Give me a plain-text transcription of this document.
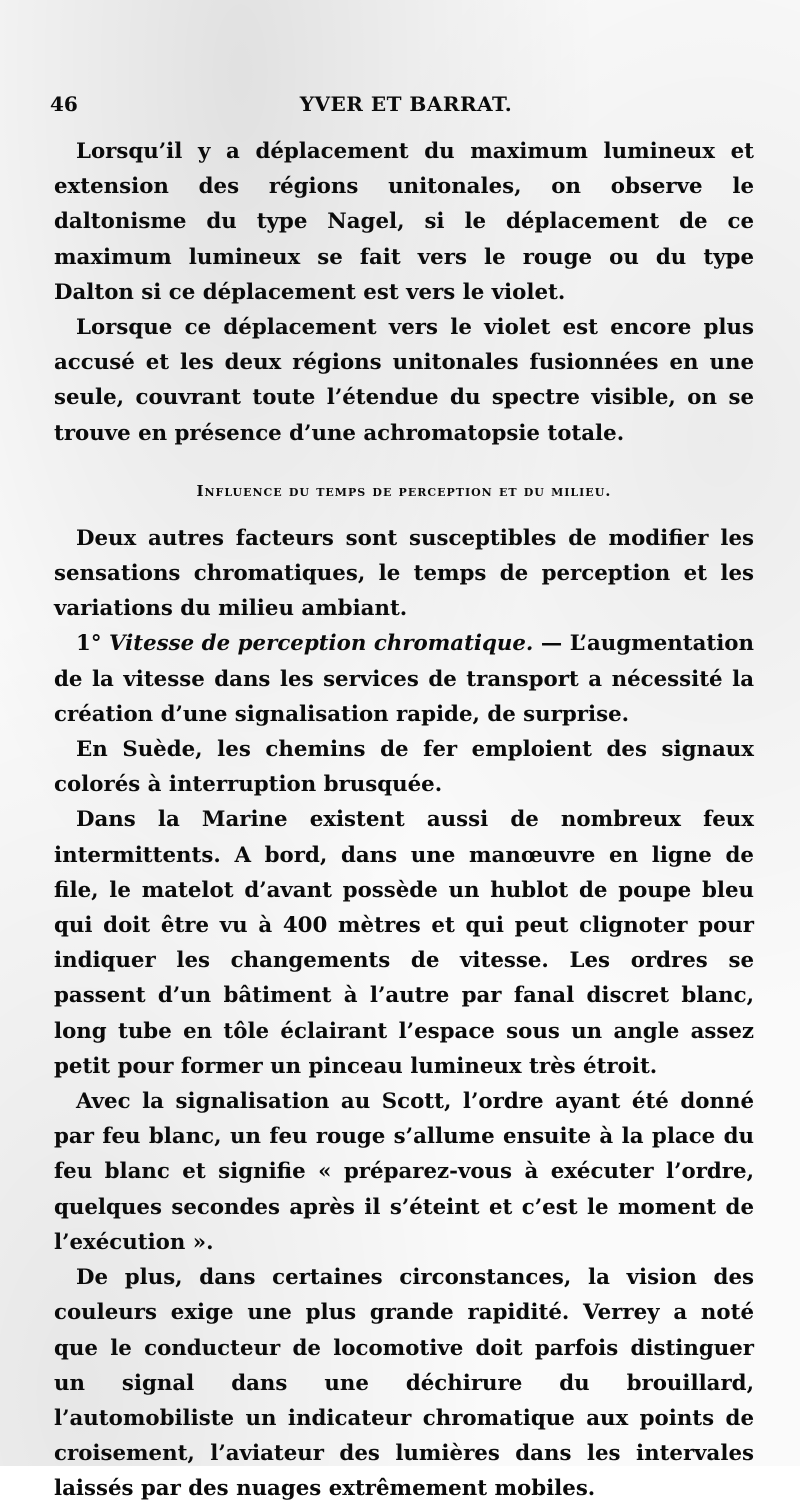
46	YVER ET BARRAT.

Lorsqu’il y a déplacement du maximum lumineux et extension des régions unitonales, on observe le daltonisme du type Nagel, si le déplacement de ce maximum lumineux se fait vers le rouge ou du type Dalton si ce déplacement est vers le violet.

Lorsque ce déplacement vers le violet est encore plus accusé et les deux régions unitonales fusionnées en une seule, couvrant toute l’étendue du spectre visible, on se trouve en présence d’une achromatopsie totale.

Influence du temps de perception et du milieu.

Deux autres facteurs sont susceptibles de modifier les sensations chromatiques, le temps de perception et les variations du milieu ambiant.

1° Vitesse de perception chromatique. — L’augmentation de la vitesse dans les services de transport a nécessité la création d’une signalisation rapide, de surprise.

En Suède, les chemins de fer emploient des signaux colorés à interruption brusquée.

Dans la Marine existent aussi de nombreux feux intermittents. A bord, dans une manœuvre en ligne de file, le matelot d’avant possède un hublot de poupe bleu qui doit être vu à 400 mètres et qui peut clignoter pour indiquer les changements de vitesse. Les ordres se passent d’un bâtiment à l’autre par fanal discret blanc, long tube en tôle éclairant l’espace sous un angle assez petit pour former un pinceau lumineux très étroit.

Avec la signalisation au Scott, l’ordre ayant été donné par feu blanc, un feu rouge s’allume ensuite à la place du feu blanc et signifie « préparez-vous à exécuter l’ordre, quelques secondes après il s’éteint et c’est le moment de l’exécution ».

De plus, dans certaines circonstances, la vision des couleurs exige une plus grande rapidité. Verrey a noté que le conducteur de locomotive doit parfois distinguer un signal dans une déchirure du brouillard, l’automobiliste un indicateur chromatique aux points de croisement, l’aviateur des lumières dans les intervales laissés par des nuages extrêmement mobiles.
